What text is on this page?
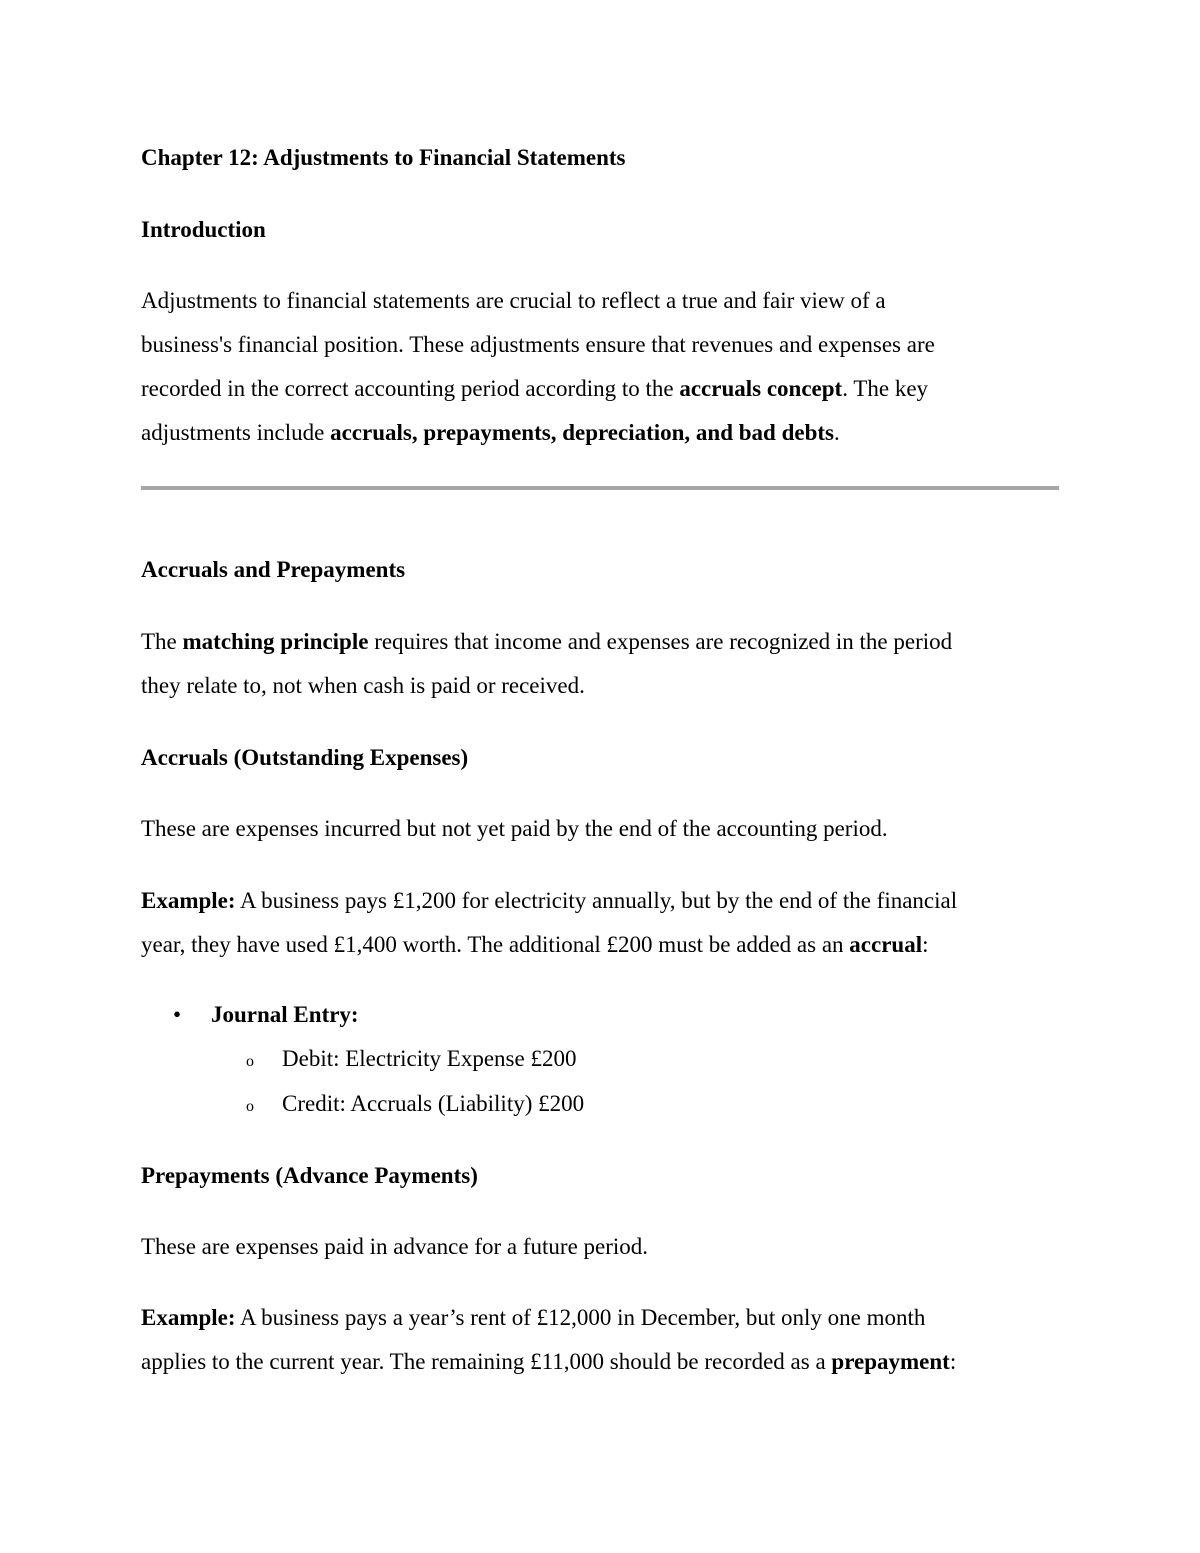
Chapter 12: Adjustments to Financial Statements
Introduction
Adjustments to financial statements are crucial to reflect a true and fair view of a
business's financial position. These adjustments ensure that revenues and expenses are
recorded in the correct accounting period according to the accruals concept. The key
adjustments include accruals, prepayments, depreciation, and bad debts.
Accruals and Prepayments
The matching principle requires that income and expenses are recognized in the period
they relate to, not when cash is paid or received.
Accruals (Outstanding Expenses)

These are expenses incurred but not yet paid by the end of the accounting period.

Example: A business pays £1,200 for electricity annually, but by the end of the financial
year, they have used £1,400 worth. The additional £200 must be added as an accrual:
• Journal Entry:
o Debit: Electricity Expense £200
o Credit: Accruals (Liability) £200
Prepayments (Advance Payments)

These are expenses paid in advance for a future period.

Example: A business pays a year’s rent of £12,000 in December, but only one month
applies to the current year. The remaining £11,000 should be recorded as a prepayment:
